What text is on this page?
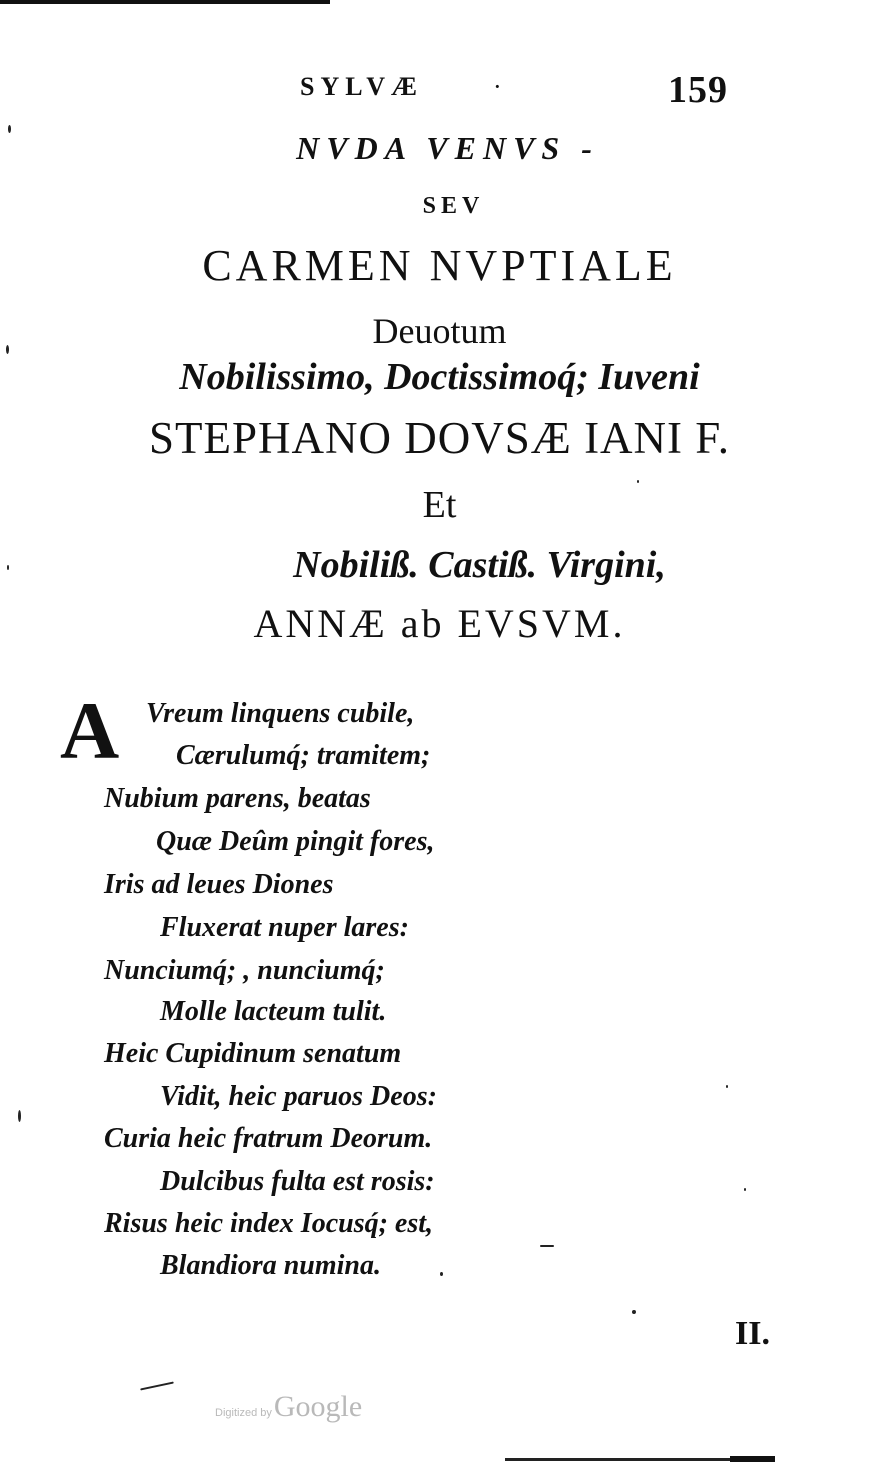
SYLVÆ	·	159
NVDA VENVS -
SEV
CARMEN NVPTIALE
Deuotum
Nobilissimo, Doctissimoq́; Iuveni
STEPHANO DOVSÆ IANI F.
Et
Nobiliß. Castiß. Virgini,
ANNÆ ab EVSVM.
A Vreum linquens cubile,
Cærulumq́; tramitem;
Nubium parens, beatas
Quæ Deûm pingit fores,
Iris ad leues Diones
Fluxerat nuper lares:
Nunciumq́; , nunciumq́;
Molle lacteum tulit.
Heic Cupidinum senatum
Vidit, heic paruos Deos:
Curia heic fratrum Deorum.
Dulcibus fulta est rosis:
Risus heic index Iocusq́; est,
Blandiora numina.
II.
Digitized byGoogle
